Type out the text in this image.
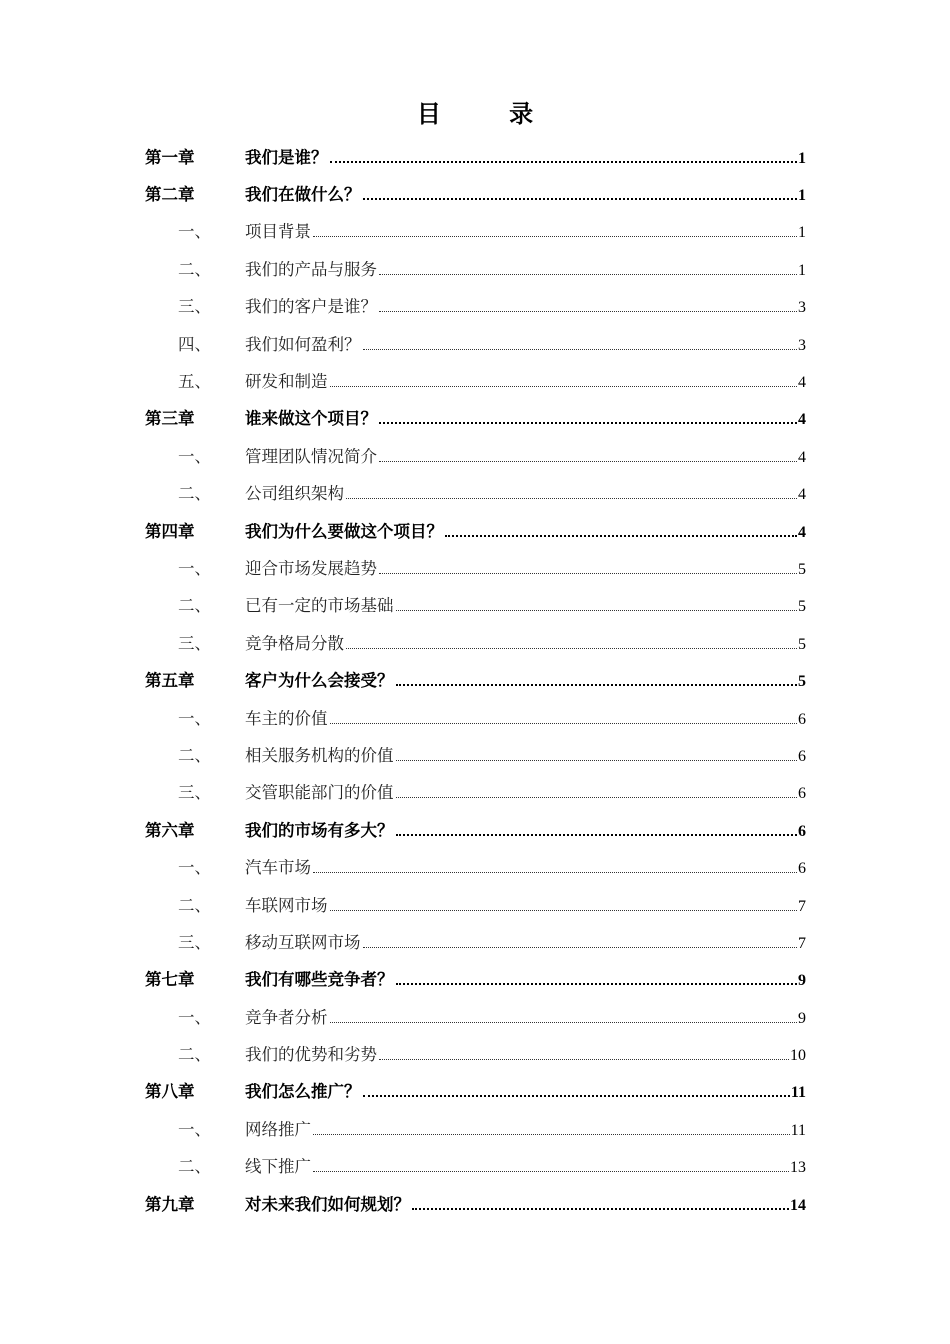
目 录
第一章	我们是谁？	1
第二章	我们在做什么？	1
一、	项目背景	1
二、	我们的产品与服务	1
三、	我们的客户是谁？	3
四、	我们如何盈利？	3
五、	研发和制造	4
第三章	谁来做这个项目？	4
一、	管理团队情况简介	4
二、	公司组织架构	4
第四章	我们为什么要做这个项目？	4
一、	迎合市场发展趋势	5
二、	已有一定的市场基础	5
三、	竞争格局分散	5
第五章	客户为什么会接受？	5
一、	车主的价值	6
二、	相关服务机构的价值	6
三、	交管职能部门的价值	6
第六章	我们的市场有多大？	6
一、	汽车市场	6
二、	车联网市场	7
三、	移动互联网市场	7
第七章	我们有哪些竞争者？	9
一、	竞争者分析	9
二、	我们的优势和劣势	10
第八章	我们怎么推广？	11
一、	网络推广	11
二、	线下推广	13
第九章	对未来我们如何规划？	14
